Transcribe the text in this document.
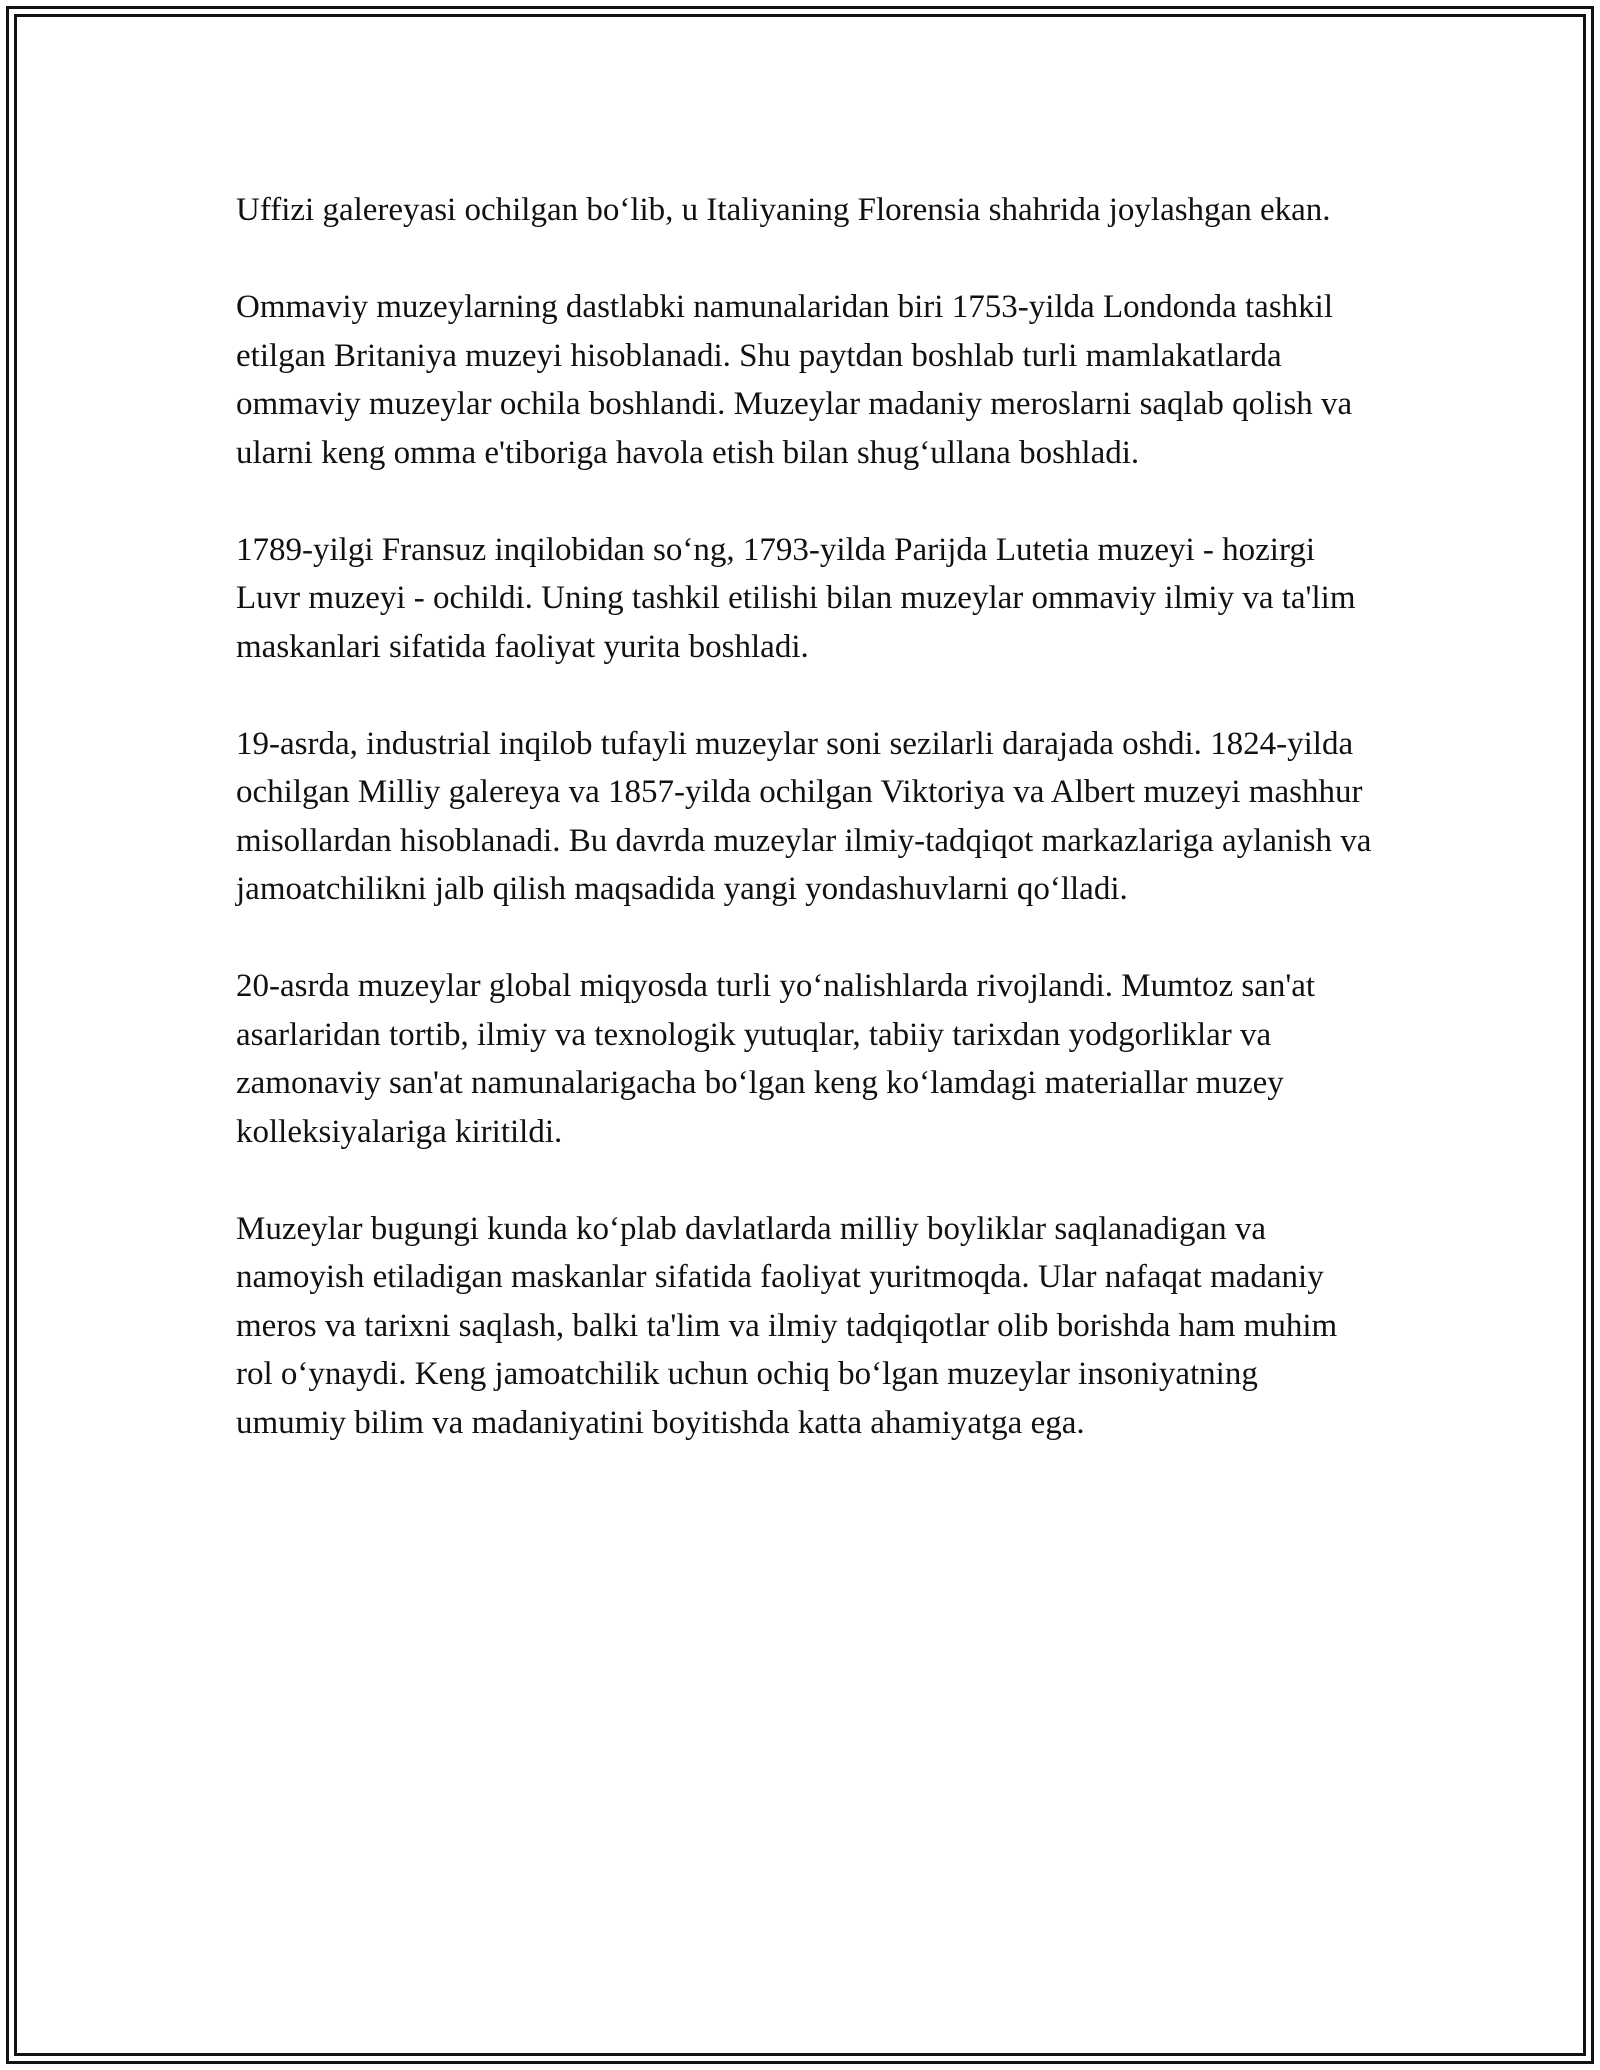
Uffizi galereyasi ochilgan bo‘lib, u Italiyaning Florensia shahrida joylashgan ekan.

Ommaviy muzeylarning dastlabki namunalaridan biri 1753-yilda Londonda tashkil etilgan Britaniya muzeyi hisoblanadi. Shu paytdan boshlab turli mamlakatlarda ommaviy muzeylar ochila boshlandi. Muzeylar madaniy meroslarni saqlab qolish va ularni keng omma e'tiboriga havola etish bilan shug‘ullana boshladi.

1789-yilgi Fransuz inqilobidan so‘ng, 1793-yilda Parijda Lutetia muzeyi - hozirgi Luvr muzeyi - ochildi. Uning tashkil etilishi bilan muzeylar ommaviy ilmiy va ta'lim maskanlari sifatida faoliyat yurita boshladi.

19-asrda, industrial inqilob tufayli muzeylar soni sezilarli darajada oshdi. 1824-yilda ochilgan Milliy galereya va 1857-yilda ochilgan Viktoriya va Albert muzeyi mashhur misollardan hisoblanadi. Bu davrda muzeylar ilmiy-tadqiqot markazlariga aylanish va jamoatchilikni jalb qilish maqsadida yangi yondashuvlarni qo‘lladi.

20-asrda muzeylar global miqyosda turli yo‘nalishlarda rivojlandi. Mumtoz san'at asarlaridan tortib, ilmiy va texnologik yutuqlar, tabiiy tarixdan yodgorliklar va zamonaviy san'at namunalarigacha bo‘lgan keng ko‘lamdagi materiallar muzey kolleksiyalariga kiritildi.

Muzeylar bugungi kunda ko‘plab davlatlarda milliy boyliklar saqlanadigan va namoyish etiladigan maskanlar sifatida faoliyat yuritmoqda. Ular nafaqat madaniy meros va tarixni saqlash, balki ta'lim va ilmiy tadqiqotlar olib borishda ham muhim rol o‘ynaydi. Keng jamoatchilik uchun ochiq bo‘lgan muzeylar insoniyatning umumiy bilim va madaniyatini boyitishda katta ahamiyatga ega.
